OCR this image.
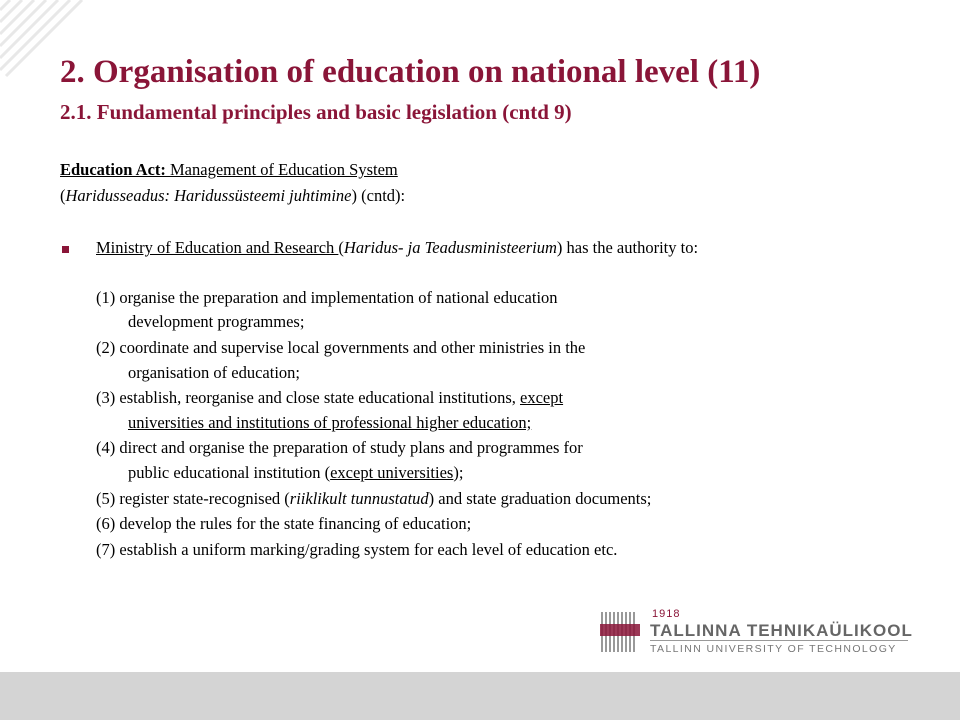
2. Organisation of education on national level (11)
2.1. Fundamental principles and basic legislation (cntd 9)
Education Act: Management of Education System
(Haridusseadus: Haridussüsteemi juhtimine) (cntd):
Ministry of Education and Research (Haridus- ja Teadusministeerium) has the authority to:
(1) organise the preparation and implementation of national education
development programmes;
(2) coordinate and supervise local governments and other ministries in the
organisation of education;
(3) establish, reorganise and close state educational institutions, except
universities and institutions of professional higher education;
(4) direct and organise the preparation of study plans and programmes for
public educational institution (except universities);
(5) register state-recognised (riiklikult tunnustatud) and state graduation documents;
(6) develop the rules for the state financing of education;
(7) establish a uniform marking/grading system for each level of education etc.
1918
TALLINNA TEHNIKAÜLIKOOL
TALLINN UNIVERSITY OF TECHNOLOGY
